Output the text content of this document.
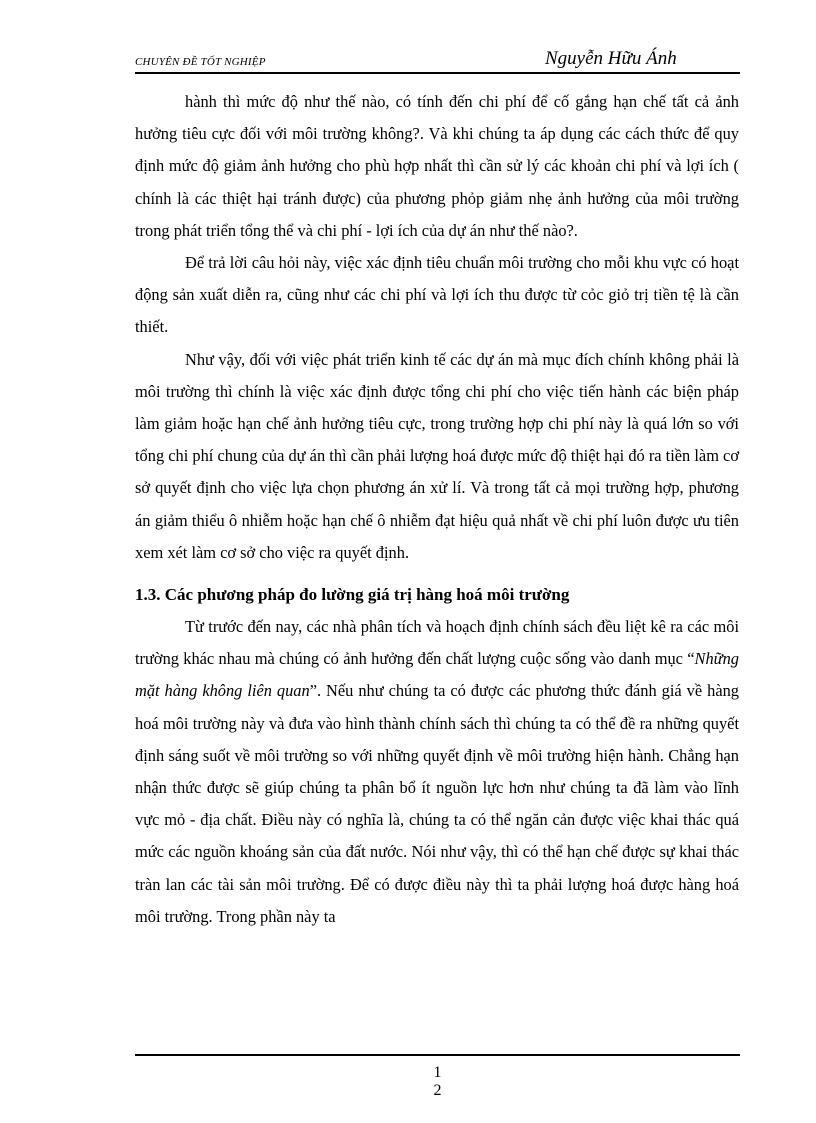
CHUYÊN ĐỀ TỐT NGHIỆP	Nguyễn Hữu Ánh

hành thì mức độ như thế nào, có tính đến chi phí để cố gắng hạn chế tất cả ảnh hưởng tiêu cực đối với môi trường không?. Và khi chúng ta áp dụng các cách thức để quy định mức độ giảm ảnh hưởng cho phù hợp nhất thì cần sử lý các khoản chi phí và lợi ích ( chính là các thiệt hại tránh được) của phương phỏp giảm nhẹ ảnh hưởng của môi trường trong phát triển tổng thể và chi phí - lợi ích của dự án như thế nào?.

Để trả lời câu hỏi này, việc xác định tiêu chuẩn môi trường cho mỗi khu vực có hoạt động sản xuất diễn ra, cũng như các chi phí và lợi ích thu được từ cỏc giỏ trị tiền tệ là cần thiết.

Như vậy, đối với việc phát triển kinh tế các dự án mà mục đích chính không phải là môi trường thì chính là việc xác định được tổng chi phí cho việc tiến hành các biện pháp làm giảm hoặc hạn chế ảnh hưởng tiêu cực, trong trường hợp chi phí này là quá lớn so với tổng chi phí chung của dự án thì cần phải lượng hoá được mức độ thiệt hại đó ra tiền làm cơ sở quyết định cho việc lựa chọn phương án xử lí. Và trong tất cả mọi trường hợp, phương án giảm thiểu ô nhiễm hoặc hạn chế ô nhiễm đạt hiệu quả nhất về chi phí luôn được ưu tiên xem xét làm cơ sở cho việc ra quyết định.

1.3. Các phương pháp đo lường giá trị hàng hoá môi trường

Từ trước đến nay, các nhà phân tích và hoạch định chính sách đều liệt kê ra các môi trường khác nhau mà chúng có ảnh hưởng đến chất lượng cuộc sống vào danh mục “Những mặt hàng không liên quan”. Nếu như chúng ta có được các phương thức đánh giá về hàng hoá môi trường này và đưa vào hình thành chính sách thì chúng ta có thể đề ra những quyết định sáng suốt về môi trường so với những quyết định về môi trường hiện hành. Chẳng hạn nhận thức được sẽ giúp chúng ta phân bổ ít nguồn lực hơn như chúng ta đã làm vào lĩnh vực mỏ - địa chất. Điều này có nghĩa là, chúng ta có thể ngăn cản được việc khai thác quá mức các nguồn khoáng sản của đất nước. Nói như vậy, thì có thể hạn chế được sự khai thác tràn lan các tài sản môi trường. Để có được điều này thì ta phải lượng hoá được hàng hoá môi trường. Trong phần này ta

1
2
